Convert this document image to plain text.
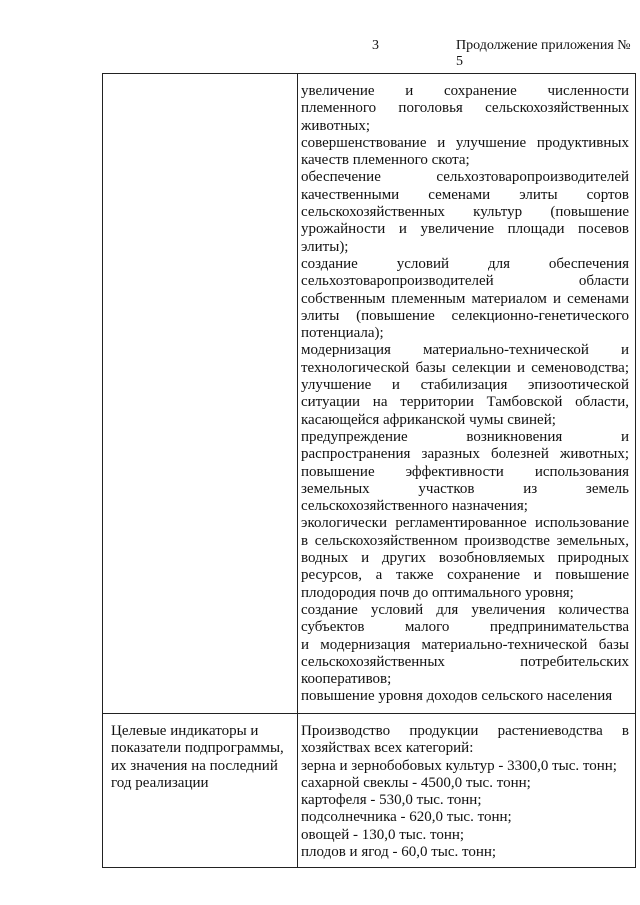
3	Продолжение приложения № 5
увеличение и сохранение численности
племенного поголовья сельскохозяйственных
животных;
совершенствование и улучшение продуктивных
качеств племенного скота;
обеспечение сельхозтоваропроизводителей
качественными семенами элиты сортов
сельскохозяйственных культур (повышение
урожайности и увеличение площади посевов
элиты);
создание условий для обеспечения
сельхозтоваропроизводителей области
собственным племенным материалом и семенами
элиты (повышение селекционно-генетического
потенциала);
модернизация материально-технической и
технологической базы селекции и семеноводства;
улучшение и стабилизация эпизоотической
ситуации на территории Тамбовской области,
касающейся африканской чумы свиней;
предупреждение возникновения и
распространения заразных болезней животных;
повышение эффективности использования
земельных участков из земель
сельскохозяйственного назначения;
экологически регламентированное использование
в сельскохозяйственном производстве земельных,
водных и других возобновляемых природных
ресурсов, а также сохранение и повышение
плодородия почв до оптимального уровня;
создание условий для увеличения количества
субъектов малого предпринимательства
и модернизация материально-технической базы
сельскохозяйственных потребительских
кооперативов;
повышение уровня доходов сельского населения
Целевые индикаторы и
показатели подпрограммы,
их значения на последний
год реализации
Производство продукции растениеводства в
хозяйствах всех категорий:
зерна и зернобобовых культур - 3300,0 тыс. тонн;
сахарной свеклы - 4500,0 тыс. тонн;
картофеля - 530,0 тыс. тонн;
подсолнечника - 620,0 тыс. тонн;
овощей - 130,0 тыс. тонн;
плодов и ягод - 60,0 тыс. тонн;
